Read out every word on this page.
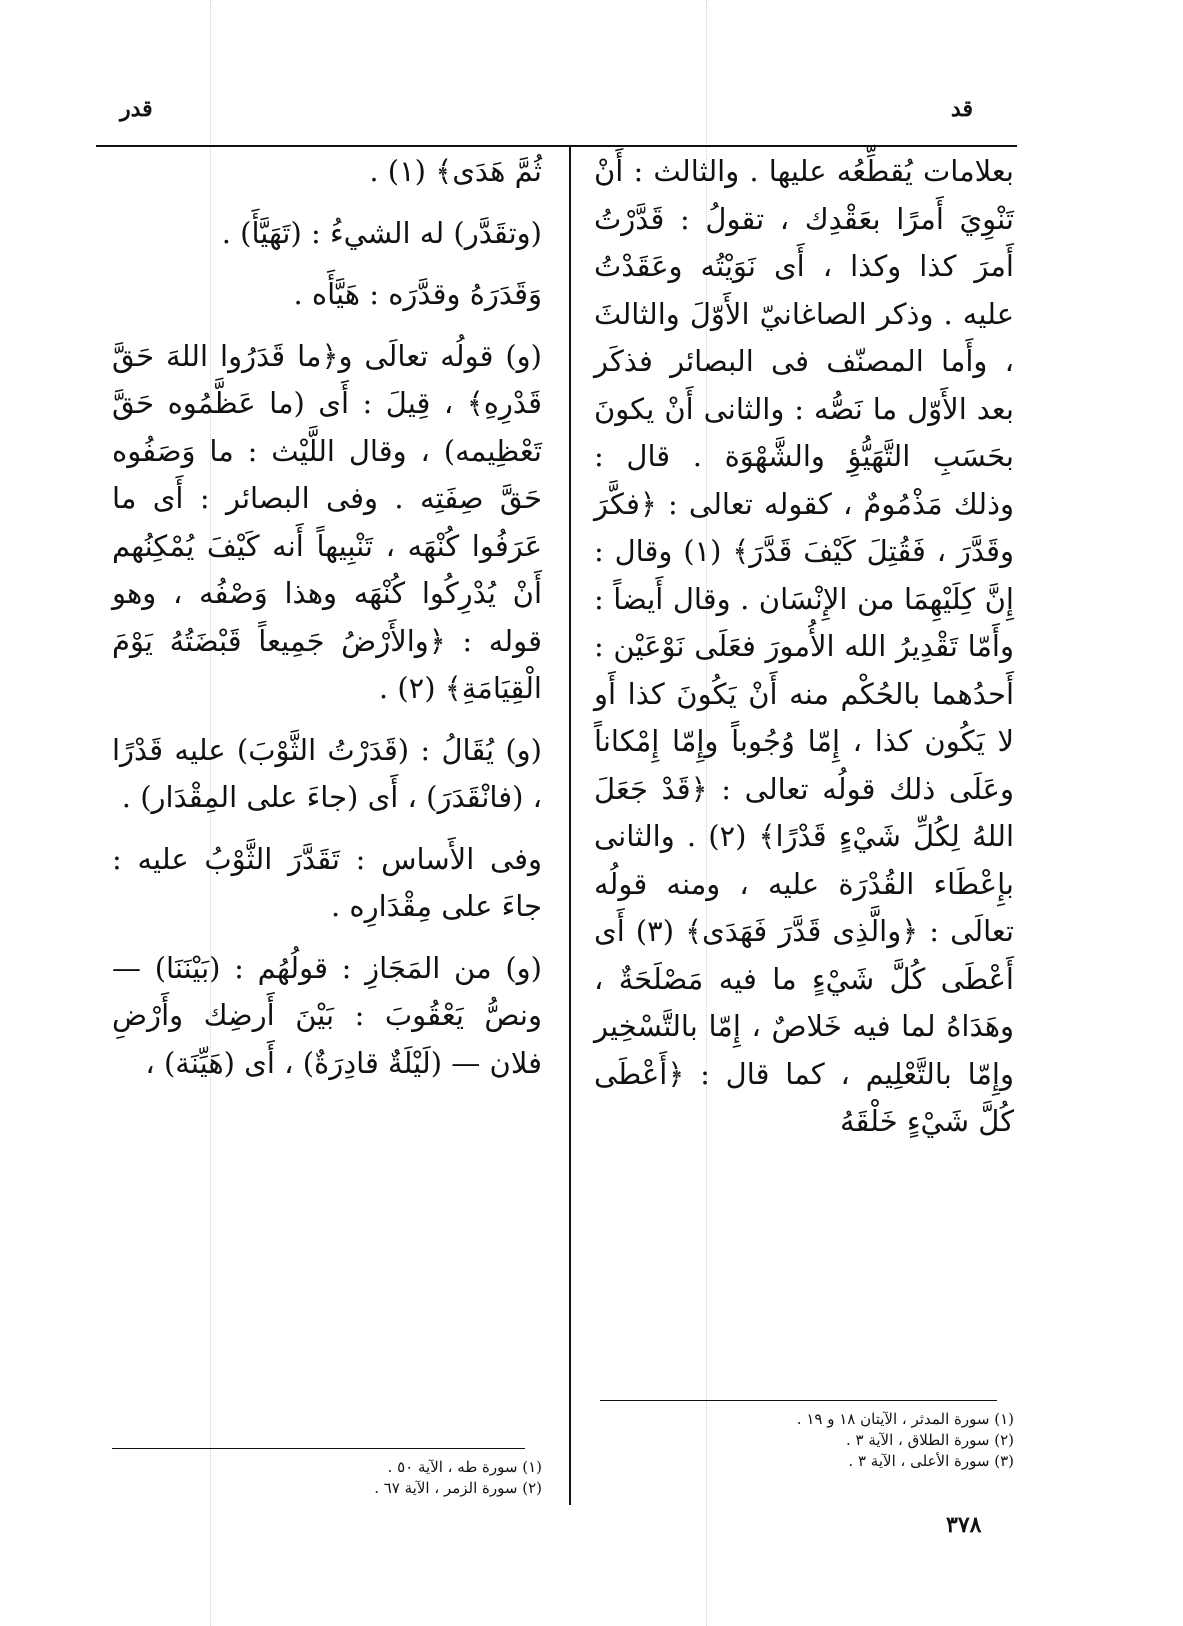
قد
قدر

بعلامات يُقطِّعُه عليها . والثالث : أَنْ تَنْوِيَ أَمرًا بعَقْدِك ، تقولُ : قَدَّرْتُ أَمرَ كذا وكذا ، أَى نَوَيْتُه وعَقَدْتُ عليه . وذكر الصاغانيّ الأَوّلَ والثالثَ ، وأَما المصنّف فى البصائر فذكَر بعد الأَوّل ما نَصُّه : والثانى أَنْ يكونَ بحَسَبِ التَّهَيُّؤِ والشَّهْوَة . قال : وذلك مَذْمُومٌ ، كقوله تعالى : ﴿فكَّرَ وقَدَّرَ ، فَقُتِلَ كَيْفَ قَدَّرَ﴾ (١) وقال : إِنَّ كِلَيْهِمَا من الإِنْسَان . وقال أَيضاً : وأَمّا تَقْدِيرُ الله الأُمورَ فعَلَى نَوْعَيْن : أَحدُهما بالحُكْم منه أَنْ يَكُونَ كذا أَو لا يَكُون كذا ، إِمّا وُجُوباً وإِمّا إِمْكاناً وعَلَى ذلك قولُه تعالى : ﴿قَدْ جَعَلَ اللهُ لِكُلِّ شَيْءٍ قَدْرًا﴾ (٢) . والثانى بإِعْطَاء القُدْرَة عليه ، ومنه قولُه تعالَى : ﴿والَّذِى قَدَّرَ فَهَدَى﴾ (٣) أَى أَعْطَى كُلَّ شَيْءٍ ما فيه مَصْلَحَةٌ ، وهَدَاهُ لما فيه خَلاصٌ ، إِمّا بالتَّسْخِير وإِمّا بالتَّعْلِيم ، كما قال : ﴿أَعْطَى كُلَّ شَيْءٍ خَلْقَهُ

ثُمَّ هَدَى﴾ (١) .

(وتقَدَّر) له الشيءُ : (تَهَيَّأَ) .

وَقَدَرَهُ وقدَّرَه : هَيَّأَه .

(و) قولُه تعالَى و﴿ما قَدَرُوا اللهَ حَقَّ قَدْرِهِ﴾ ، قِيلَ : أَى (ما عَظَّمُوه حَقَّ تَعْظِيمه) ، وقال اللَّيْث : ما وَصَفُوه حَقَّ صِفَتِه . وفى البصائر : أَى ما عَرَفُوا كُنْهَه ، تَنْبِيهاً أَنه كَيْفَ يُمْكِنُهم أَنْ يُدْرِكُوا كُنْهَه وهذا وَصْفُه ، وهو قوله : ﴿والأَرْضُ جَمِيعاً قَبْضَتُهُ يَوْمَ الْقِيَامَةِ﴾ (٢) .

(و) يُقَالُ : (قَدَرْتُ الثَّوْبَ) عليه قَدْرًا ، (فانْقَدَرَ) ، أَى (جاءَ على المِقْدَار) .

وفى الأَساس : تَقَدَّرَ الثَّوْبُ عليه : جاءَ على مِقْدَارِه .

(و) من المَجَازِ : قولُهُم : (بَيْنَنَا) — ونصُّ يَعْقُوبَ : بَيْنَ أَرضِك وأَرْضِ فلان — (لَيْلَةٌ قادِرَةٌ) ، أَى (هَيِّنَة) ،

(١) سورة المدثر ، الآيتان ١٨ و ١٩ .
(٢) سورة الطلاق ، الآية ٣ .
(٣) سورة الأعلى ، الآية ٣ .
(١) سورة طه ، الآية ٥٠ .
(٢) سورة الزمر ، الآية ٦٧ .
٣٧٨
